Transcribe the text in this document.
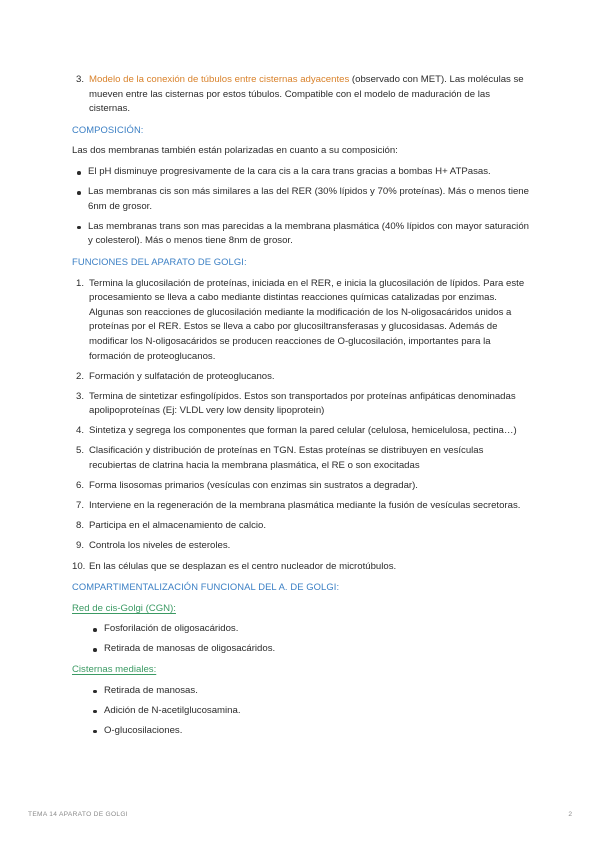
3. Modelo de la conexión de túbulos entre cisternas adyacentes (observado con MET). Las moléculas se mueven entre las cisternas por estos túbulos. Compatible con el modelo de maduración de las cisternas.
COMPOSICIÓN:

Las dos membranas también están polarizadas en cuanto a su composición:

El pH disminuye progresivamente de la cara cis a la cara trans gracias a bombas H+ ATPasas.
Las membranas cis son más similares a las del RER (30% lípidos y 70% proteínas). Más o menos tiene 6nm de grosor.
Las membranas trans son mas parecidas a la membrana plasmática (40% lípidos con mayor saturación y colesterol). Más o menos tiene 8nm de grosor.
FUNCIONES DEL APARATO DE GOLGI:
1. Termina la glucosilación de proteínas, iniciada en el RER, e inicia la glucosilación de lípidos. Para este procesamiento se lleva a cabo mediante distintas reacciones químicas catalizadas por enzimas. Algunas son reacciones de glucosilación mediante la modificación de los N-oligosacáridos unidos a proteínas por el RER. Estos se lleva a cabo por glucosiltransferasas y glucosidasas. Además de modificar los N-oligosacáridos se producen reacciones de O-glucosilación, importantes para la formación de proteoglucanos.
2. Formación y sulfatación de proteoglucanos.
3. Termina de sintetizar esfingolípidos. Estos son transportados por proteínas anfipáticas denominadas apolipoproteínas (Ej: VLDL very low density lipoprotein)
4. Sintetiza y segrega los componentes que forman la pared celular (celulosa, hemicelulosa, pectina…)
5. Clasificación y distribución de proteínas en TGN. Estas proteínas se distribuyen en vesículas recubiertas de clatrina hacia la membrana plasmática, el RE o son exocitadas
6. Forma lisosomas primarios (vesículas con enzimas sin sustratos a degradar).
7. Interviene en la regeneración de la membrana plasmática mediante la fusión de vesículas secretoras.
8. Participa en el almacenamiento de calcio.
9. Controla los niveles de esteroles.
10. En las células que se desplazan es el centro nucleador de microtúbulos.
COMPARTIMENTALIZACIÓN FUNCIONAL DEL A. DE GOLGI:
Red de cis-Golgi (CGN):
Fosforilación de oligosacáridos.
Retirada de manosas de oligosacáridos.
Cisternas mediales:
Retirada de manosas.
Adición de N-acetilglucosamina.
O-glucosilaciones.
TEMA 14 APARATO DE GOLGI	2
